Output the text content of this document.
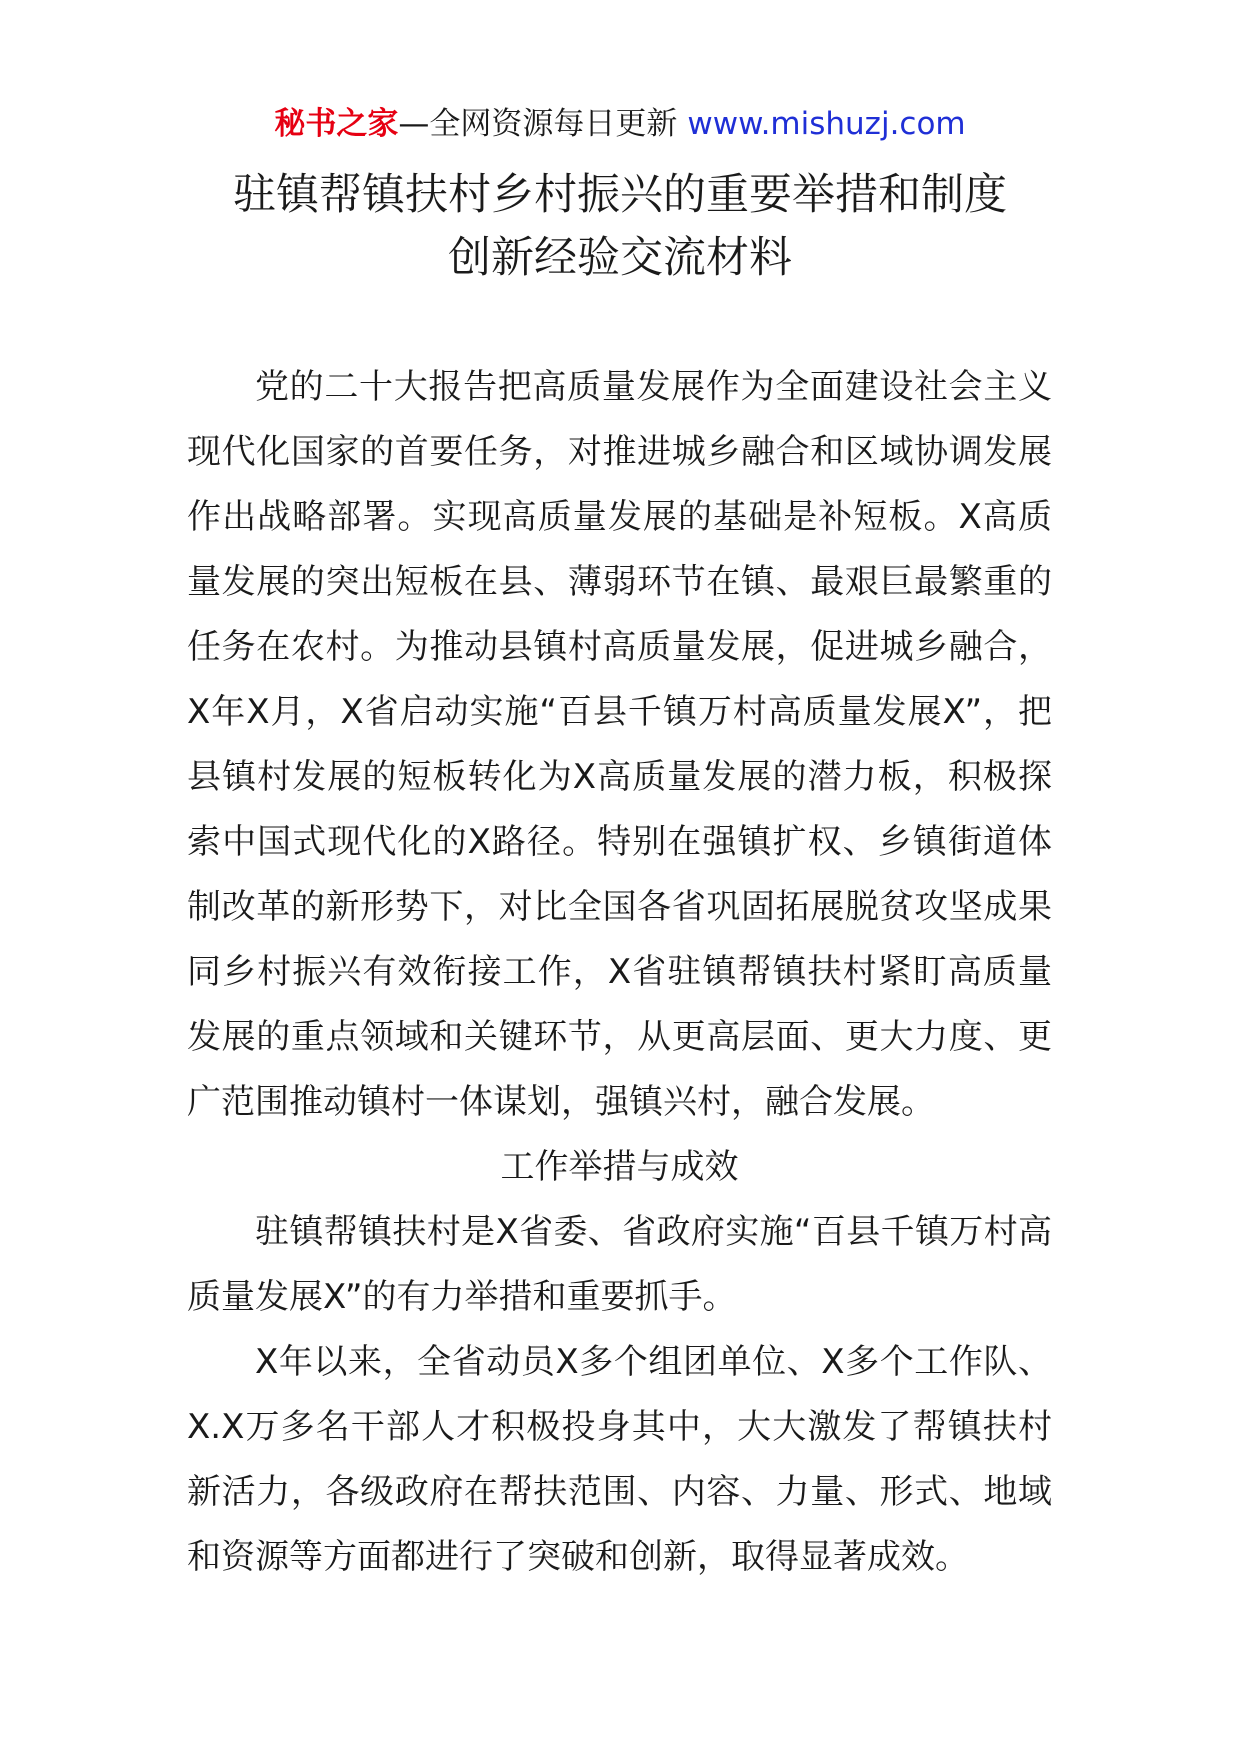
秘书之家—全网资源每日更新 www.mishuzj.com
驻镇帮镇扶村乡村振兴的重要举措和制度
创新经验交流材料

党的二十大报告把高质量发展作为全面建设社会主义现代化国家的首要任务，对推进城乡融合和区域协调发展作出战略部署。实现高质量发展的基础是补短板。X高质量发展的突出短板在县、薄弱环节在镇、最艰巨最繁重的任务在农村。为推动县镇村高质量发展，促进城乡融合，X年X月，X省启动实施“百县千镇万村高质量发展X”，把县镇村发展的短板转化为X高质量发展的潜力板，积极探索中国式现代化的X路径。特别在强镇扩权、乡镇街道体制改革的新形势下，对比全国各省巩固拓展脱贫攻坚成果同乡村振兴有效衔接工作，X省驻镇帮镇扶村紧盯高质量发展的重点领域和关键环节，从更高层面、更大力度、更广范围推动镇村一体谋划，强镇兴村，融合发展。

工作举措与成效

驻镇帮镇扶村是X省委、省政府实施“百县千镇万村高质量发展X”的有力举措和重要抓手。

X年以来，全省动员X多个组团单位、X多个工作队、X.X万多名干部人才积极投身其中，大大激发了帮镇扶村新活力，各级政府在帮扶范围、内容、力量、形式、地域和资源等方面都进行了突破和创新，取得显著成效。
